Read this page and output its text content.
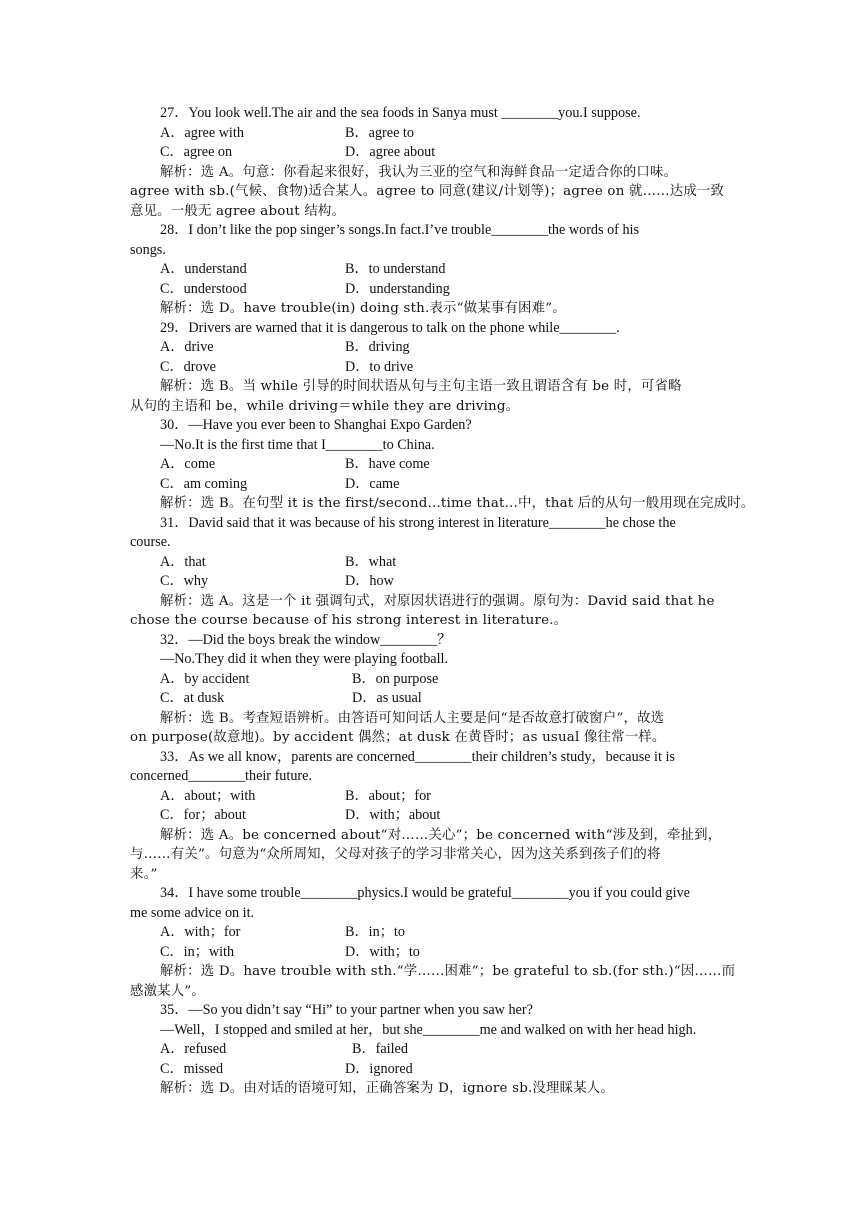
27．You look well.The air and the sea foods in Sanya must ________you.I suppose.
A．agree with	B．agree to
C．agree on	D．agree about
解析：选 A。句意：你看起来很好，我认为三亚的空气和海鲜食品一定适合你的口味。
agree with sb.(气候、食物)适合某人。agree to 同意(建议/计划等)；agree on 就……达成一致
意见。一般无 agree about 结构。
28．I don’t like the pop singer’s songs.In fact.I’ve trouble________the words of his
songs.
A．understand	B．to understand
C．understood	D．understanding
解析：选 D。have trouble(in) doing sth.表示“做某事有困难”。
29．Drivers are warned that it is dangerous to talk on the phone while________.
A．drive	B．driving
C．drove	D．to drive
解析：选 B。当 while 引导的时间状语从句与主句主语一致且谓语含有 be 时，可省略
从句的主语和 be，while driving＝while they are driving。
30．—Have you ever been to Shanghai Expo Garden?
—No.It is the first time that I________to China.
A．come	B．have come
C．am coming	D．came
解析：选 B。在句型 it is the first/second...time that...中，that 后的从句一般用现在完成时。
31．David said that it was because of his strong interest in literature________he chose the
course.
A．that	B．what
C．why	D．how
解析：选 A。这是一个 it 强调句式，对原因状语进行的强调。原句为：David said that he
chose the course because of his strong interest in literature.。
32．—Did the boys break the window________？
—No.They did it when they were playing football.
A．by accident	B．on purpose
C．at dusk	D．as usual
解析：选 B。考查短语辨析。由答语可知问话人主要是问“是否故意打破窗户”，故选
on purpose(故意地)。by accident 偶然；at dusk 在黄昏时；as usual 像往常一样。
33．As we all know，parents are concerned________their children’s study，because it is
concerned________their future.
A．about；with	B．about；for
C．for；about	D．with；about
解析：选 A。be concerned about“对……关心”；be concerned with“涉及到，牵扯到，
与……有关”。句意为“众所周知，父母对孩子的学习非常关心，因为这关系到孩子们的将
来。”
34．I have some trouble________physics.I would be grateful________you if you could give
me some advice on it.
A．with；for	B．in；to
C．in；with	D．with；to
解析：选 D。have trouble with sth.“学……困难”；be grateful to sb.(for sth.)“因……而
感激某人”。
35．—So you didn’t say “Hi” to your partner when you saw her?
—Well，I stopped and smiled at her，but she________me and walked on with her head high.
A．refused	B．failed
C．missed	D．ignored
解析：选 D。由对话的语境可知，正确答案为 D，ignore sb.没理睬某人。
